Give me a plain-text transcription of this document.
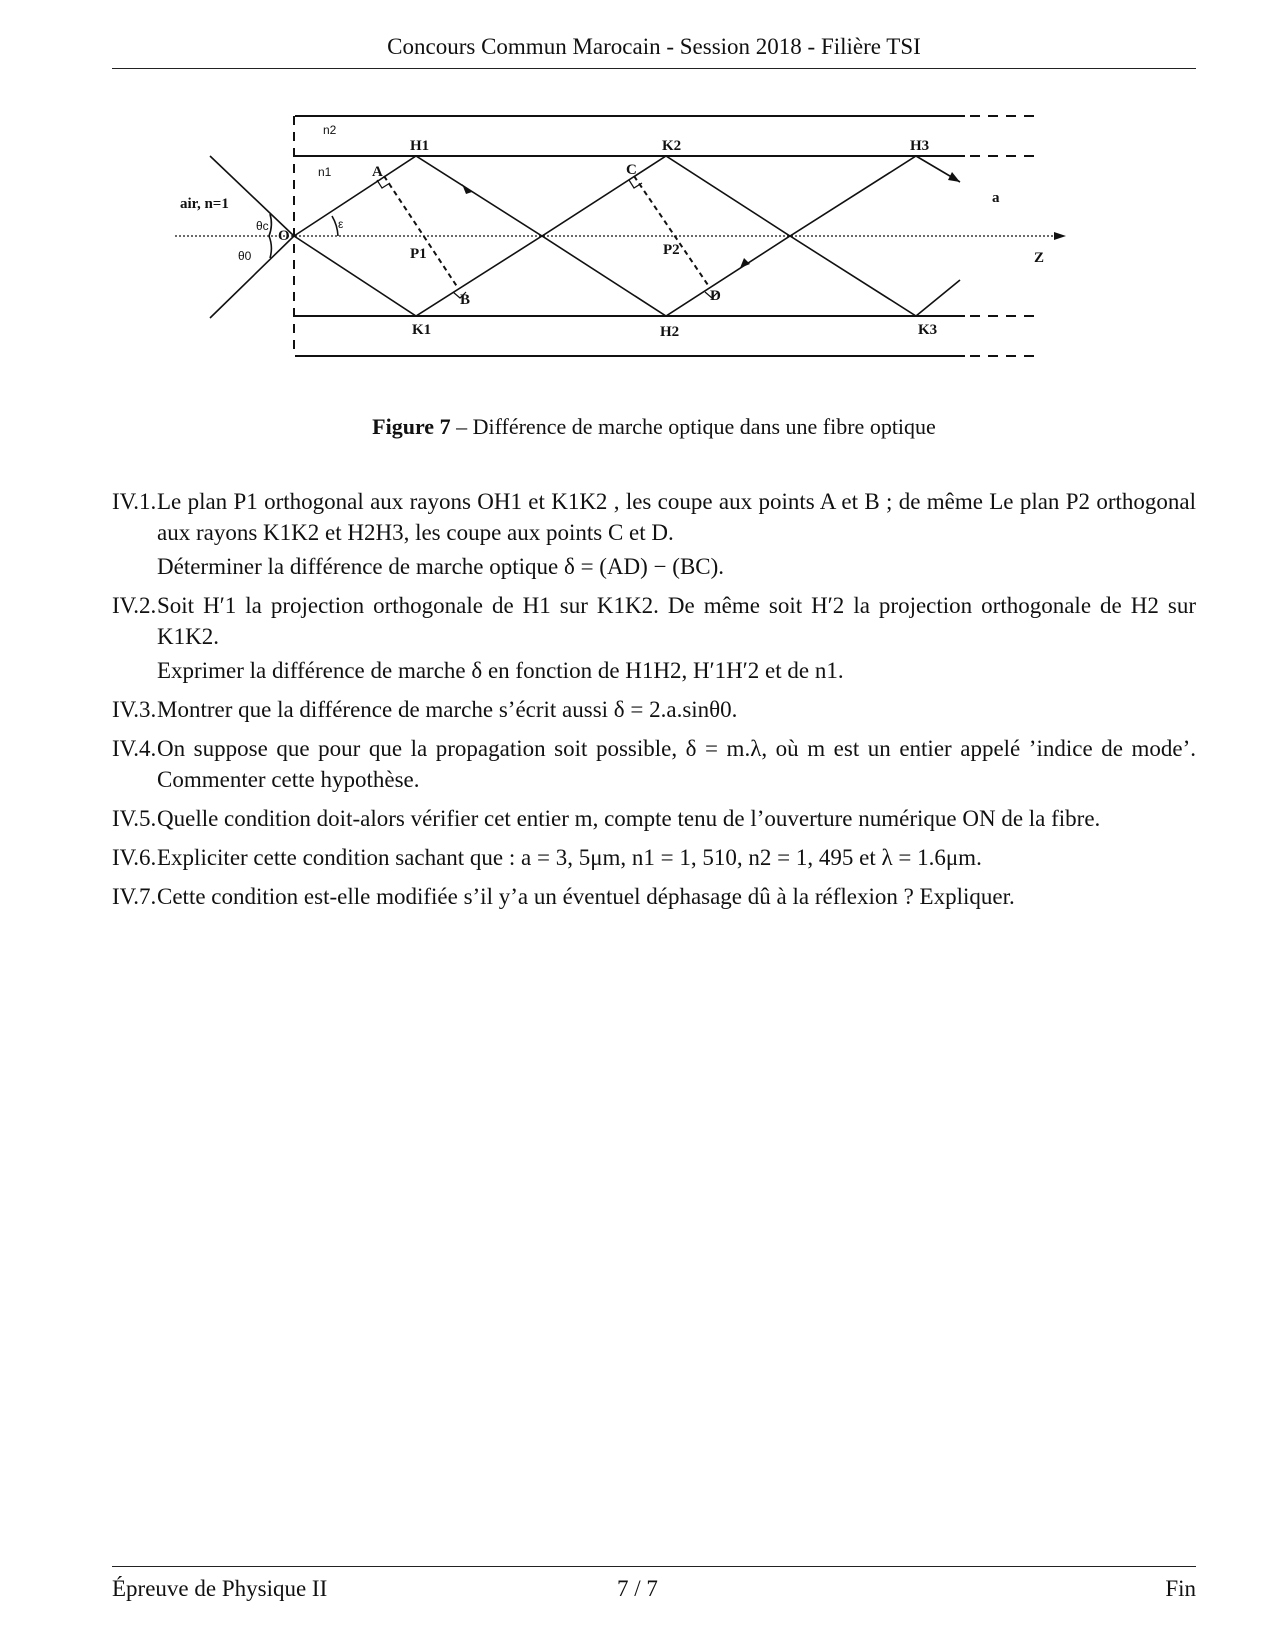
Concours Commun Marocain - Session 2018 - Filière TSI
air, n=1
n2
n1
θc
θ0
ε
O
H1	K2	H3
A	C
P1	P2
B	D
K1	H2	K3
a
Z
Figure 7 – Différence de marche optique dans une fibre optique
IV.1. Le plan P1 orthogonal aux rayons OH1 et K1K2 , les coupe aux points A et B ; de même Le plan P2 orthogonal aux rayons K1K2 et H2H3, les coupe aux points C et D.
Déterminer la différence de marche optique δ = (AD) − (BC).
IV.2. Soit H′1 la projection orthogonale de H1 sur K1K2. De même soit H′2 la projection orthogonale de H2 sur K1K2.
Exprimer la différence de marche δ en fonction de H1H2, H′1H′2 et de n1.
IV.3. Montrer que la différence de marche s’écrit aussi δ = 2.a.sinθ0.
IV.4. On suppose que pour que la propagation soit possible, δ = m.λ, où m est un entier appelé ’indice de mode’. Commenter cette hypothèse.
IV.5. Quelle condition doit-alors vérifier cet entier m, compte tenu de l’ouverture numérique ON de la fibre.
IV.6. Expliciter cette condition sachant que : a = 3, 5μm, n1 = 1, 510, n2 = 1, 495 et λ = 1.6μm.
IV.7. Cette condition est-elle modifiée s’il y’a un éventuel déphasage dû à la réflexion ? Expliquer.
Épreuve de Physique II	7 / 7	Fin
